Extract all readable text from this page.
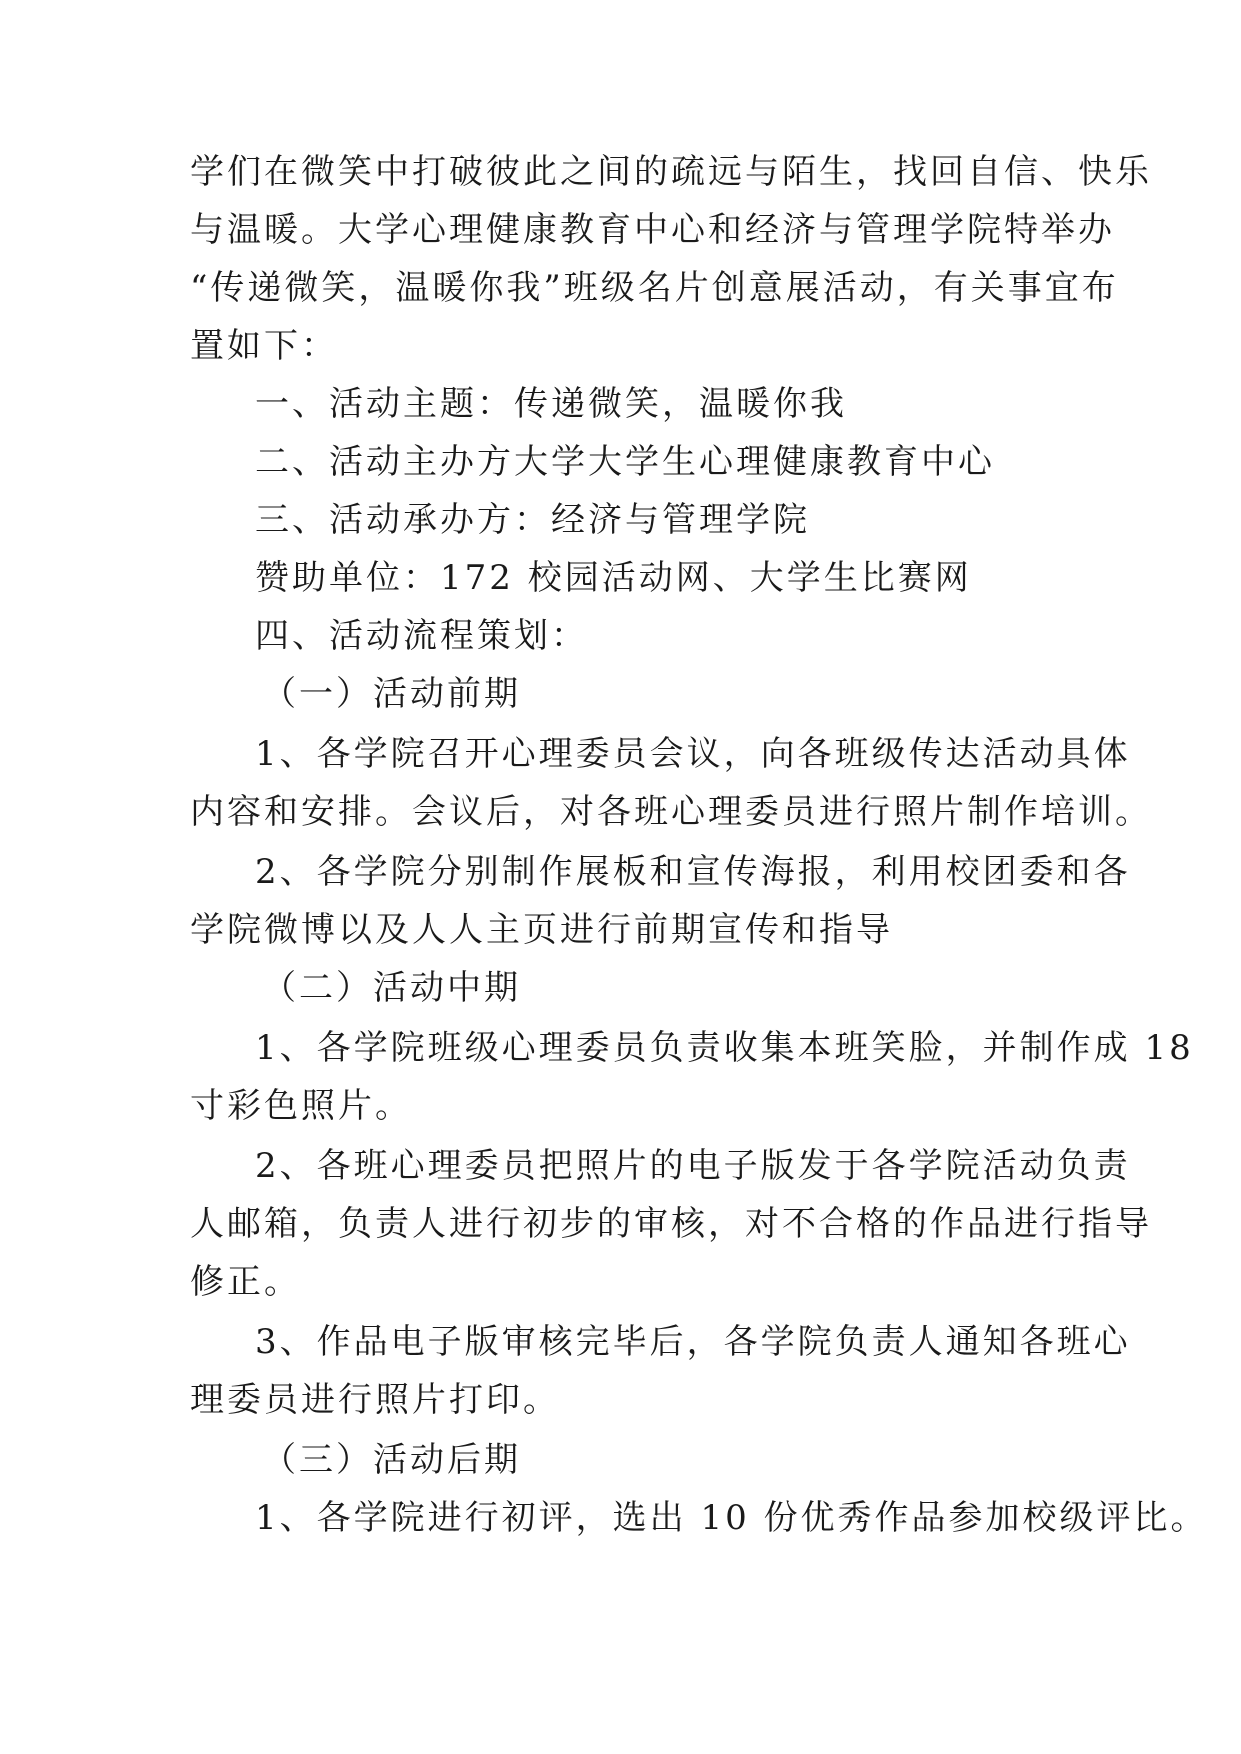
学们在微笑中打破彼此之间的疏远与陌生，找回自信、快乐
与温暖。大学心理健康教育中心和经济与管理学院特举办
“传递微笑，温暖你我”班级名片创意展活动，有关事宜布
置如下：
一、活动主题：传递微笑，温暖你我
二、活动主办方大学大学生心理健康教育中心
三、活动承办方：经济与管理学院
赞助单位：172 校园活动网、大学生比赛网
四、活动流程策划：
（一）活动前期
1、各学院召开心理委员会议，向各班级传达活动具体
内容和安排。会议后，对各班心理委员进行照片制作培训。
2、各学院分别制作展板和宣传海报，利用校团委和各
学院微博以及人人主页进行前期宣传和指导
（二）活动中期
1、各学院班级心理委员负责收集本班笑脸，并制作成 18
寸彩色照片。
2、各班心理委员把照片的电子版发于各学院活动负责
人邮箱，负责人进行初步的审核，对不合格的作品进行指导
修正。
3、作品电子版审核完毕后，各学院负责人通知各班心
理委员进行照片打印。
（三）活动后期
1、各学院进行初评，选出 10 份优秀作品参加校级评比。
